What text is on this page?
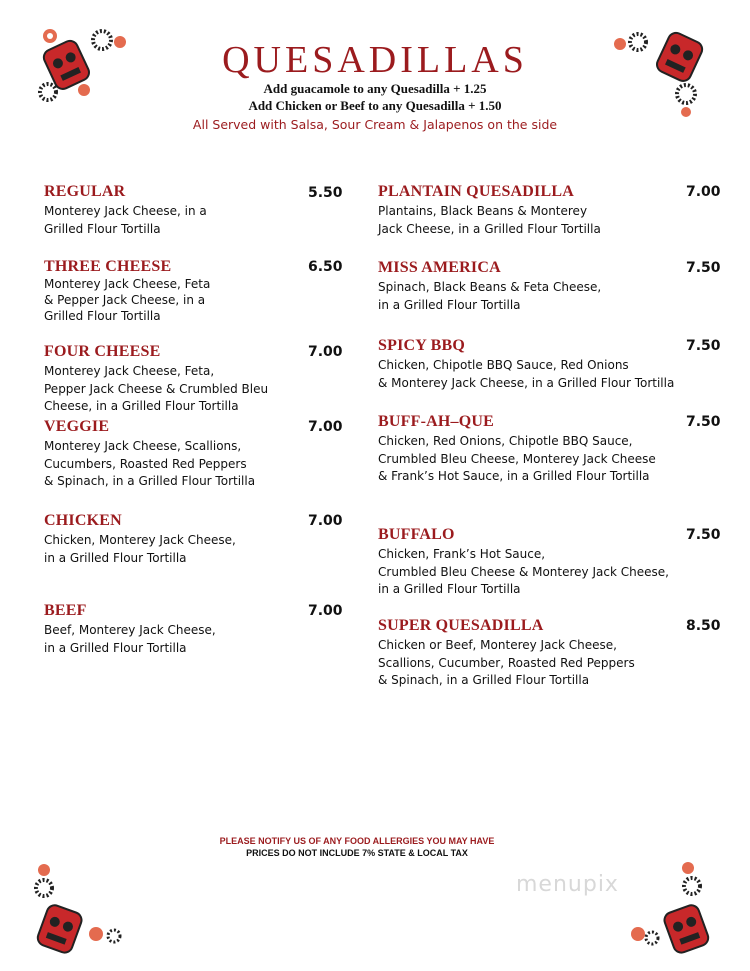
QUESADILLAS
Add guacamole to any Quesadilla + 1.25
Add Chicken or Beef to any Quesadilla + 1.50
All Served with Salsa, Sour Cream & Jalapenos on the side
REGULAR
Monterey Jack Cheese, in a
Grilled Flour Tortilla
5.50
THREE CHEESE
Monterey Jack Cheese, Feta
& Pepper Jack Cheese, in a
Grilled Flour Tortilla
6.50
FOUR CHEESE
Monterey Jack Cheese, Feta,
Pepper Jack Cheese & Crumbled Bleu
Cheese, in a Grilled Flour Tortilla
7.00
VEGGIE
Monterey Jack Cheese, Scallions,
Cucumbers, Roasted Red Peppers
& Spinach, in a Grilled Flour Tortilla
7.00
CHICKEN
Chicken, Monterey Jack Cheese,
in a Grilled Flour Tortilla
7.00
BEEF
Beef, Monterey Jack Cheese,
in a Grilled Flour Tortilla
7.00
PLANTAIN QUESADILLA
Plantains, Black Beans & Monterey
Jack Cheese, in a Grilled Flour Tortilla
7.00
MISS AMERICA
Spinach, Black Beans & Feta Cheese,
in a Grilled Flour Tortilla
7.50
SPICY BBQ
Chicken, Chipotle BBQ Sauce, Red Onions
& Monterey Jack Cheese, in a Grilled Flour Tortilla
7.50
BUFF-AH–QUE
Chicken, Red Onions, Chipotle BBQ Sauce,
Crumbled Bleu Cheese, Monterey Jack Cheese
& Frank’s Hot Sauce, in a Grilled Flour Tortilla
7.50
BUFFALO
Chicken, Frank’s Hot Sauce,
Crumbled Bleu Cheese & Monterey Jack Cheese,
in a Grilled Flour Tortilla
7.50
SUPER QUESADILLA
Chicken or Beef, Monterey Jack Cheese,
Scallions, Cucumber, Roasted Red Peppers
& Spinach, in a Grilled Flour Tortilla
8.50
PLEASE NOTIFY US OF ANY FOOD ALLERGIES YOU MAY HAVE
PRICES DO NOT INCLUDE 7% STATE & LOCAL TAX
menupix
